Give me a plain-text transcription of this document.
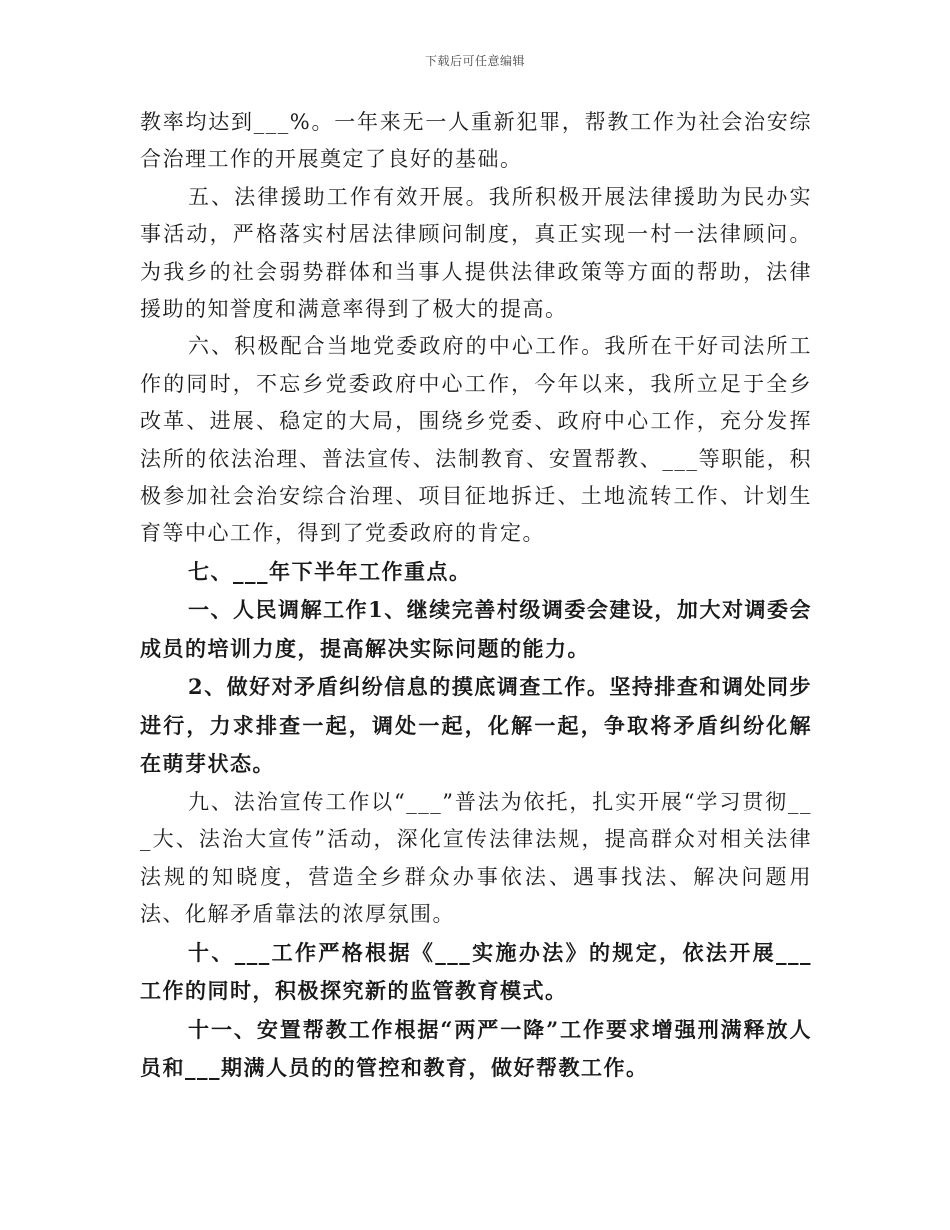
下载后可任意编辑

教率均达到___%。一年来无一人重新犯罪，帮教工作为社会治安综合治理工作的开展奠定了良好的基础。

五、法律援助工作有效开展。我所积极开展法律援助为民办实事活动，严格落实村居法律顾问制度，真正实现一村一法律顾问。为我乡的社会弱势群体和当事人提供法律政策等方面的帮助，法律援助的知誉度和满意率得到了极大的提高。

六、积极配合当地党委政府的中心工作。我所在干好司法所工作的同时，不忘乡党委政府中心工作，今年以来，我所立足于全乡改革、进展、稳定的大局，围绕乡党委、政府中心工作，充分发挥法所的依法治理、普法宣传、法制教育、安置帮教、___等职能，积极参加社会治安综合治理、项目征地拆迁、土地流转工作、计划生育等中心工作，得到了党委政府的肯定。

七、___年下半年工作重点。

一、人民调解工作1、继续完善村级调委会建设，加大对调委会成员的培训力度，提高解决实际问题的能力。

2、做好对矛盾纠纷信息的摸底调查工作。坚持排查和调处同步进行，力求排查一起，调处一起，化解一起，争取将矛盾纠纷化解在萌芽状态。

九、法治宣传工作以“___”普法为依托，扎实开展“学习贯彻___大、法治大宣传”活动，深化宣传法律法规，提高群众对相关法律法规的知晓度，营造全乡群众办事依法、遇事找法、解决问题用法、化解矛盾靠法的浓厚氛围。

十、___工作严格根据《___实施办法》的规定，依法开展___工作的同时，积极探究新的监管教育模式。

十一、安置帮教工作根据“两严一降”工作要求增强刑满释放人员和___期满人员的的管控和教育，做好帮教工作。
